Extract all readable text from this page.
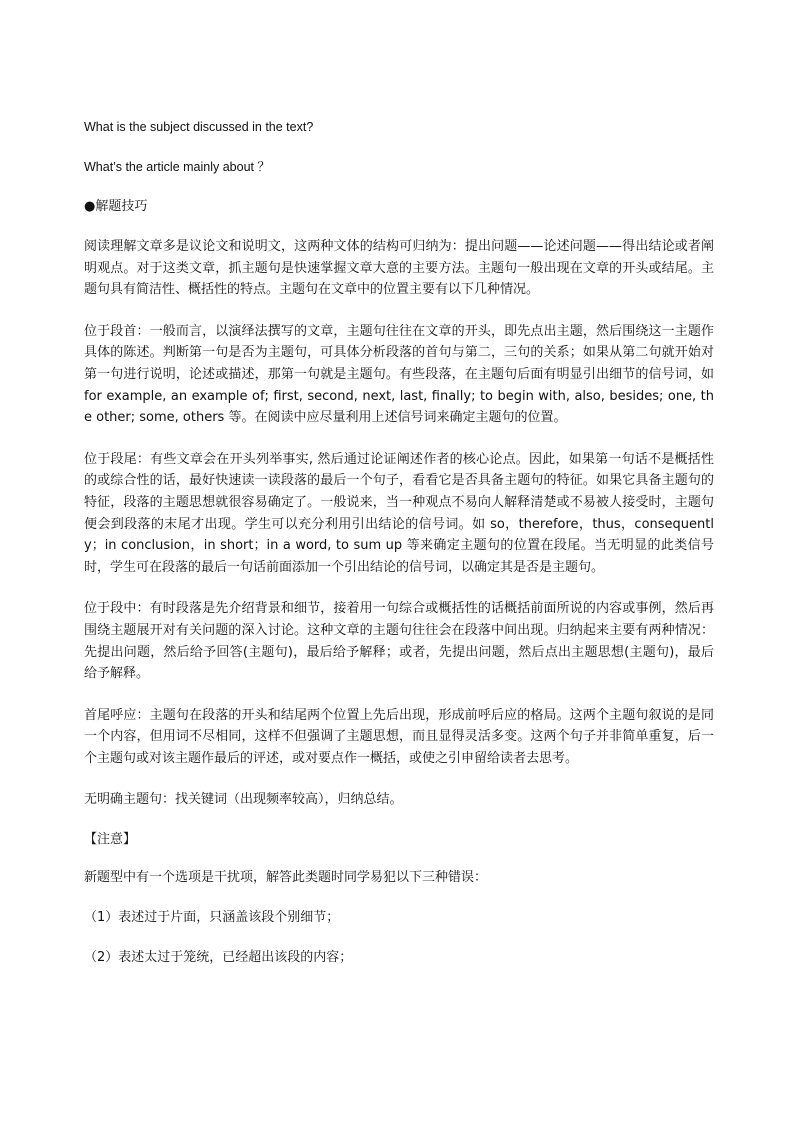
What is the subject discussed in the text?

What’s the article mainly about ？

●解题技巧

阅读理解文章多是议论文和说明文，这两种文体的结构可归纳为：提出问题——论述问题——得出结论或者阐明观点。对于这类文章，抓主题句是快速掌握文章大意的主要方法。主题句一般出现在文章的开头或结尾。主题句具有简洁性、概括性的特点。主题句在文章中的位置主要有以下几种情况。

位于段首：一般而言，以演绎法撰写的文章，主题句往往在文章的开头，即先点出主题，然后围绕这一主题作具体的陈述。判断第一句是否为主题句，可具体分析段落的首句与第二，三句的关系；如果从第二句就开始对第一句进行说明，论述或描述，那第一句就是主题句。有些段落，在主题句后面有明显引出细节的信号词，如 for example, an example of; first, second, next, last, finally; to begin with, also, besides; one, the other; some, others 等。在阅读中应尽量利用上述信号词来确定主题句的位置。

位于段尾：有些文章会在开头列举事实, 然后通过论证阐述作者的核心论点。因此，如果第一句话不是概括性的或综合性的话，最好快速读一读段落的最后一个句子，看看它是否具备主题句的特征。如果它具备主题句的特征，段落的主题思想就很容易确定了。一般说来，当一种观点不易向人解释清楚或不易被人接受时，主题句便会到段落的末尾才出现。学生可以充分利用引出结论的信号词。如 so，therefore，thus，consequently；in conclusion，in short；in a word, to sum up 等来确定主题句的位置在段尾。当无明显的此类信号时，学生可在段落的最后一句话前面添加一个引出结论的信号词，以确定其是否是主题句。

位于段中：有时段落是先介绍背景和细节，接着用一句综合或概括性的话概括前面所说的内容或事例，然后再围绕主题展开对有关问题的深入讨论。这种文章的主题句往往会在段落中间出现。归纳起来主要有两种情况：先提出问题，然后给予回答(主题句)，最后给予解释；或者，先提出问题，然后点出主题思想(主题句)，最后给予解释。

首尾呼应：主题句在段落的开头和结尾两个位置上先后出现，形成前呼后应的格局。这两个主题句叙说的是同一个内容，但用词不尽相同，这样不但强调了主题思想，而且显得灵活多变。这两个句子并非简单重复，后一个主题句或对该主题作最后的评述，或对要点作一概括，或使之引申留给读者去思考。

无明确主题句：找关键词（出现频率较高），归纳总结。

【注意】

新题型中有一个选项是干扰项，解答此类题时同学易犯以下三种错误：

（1）表述过于片面，只涵盖该段个别细节；

（2）表述太过于笼统，已经超出该段的内容；
